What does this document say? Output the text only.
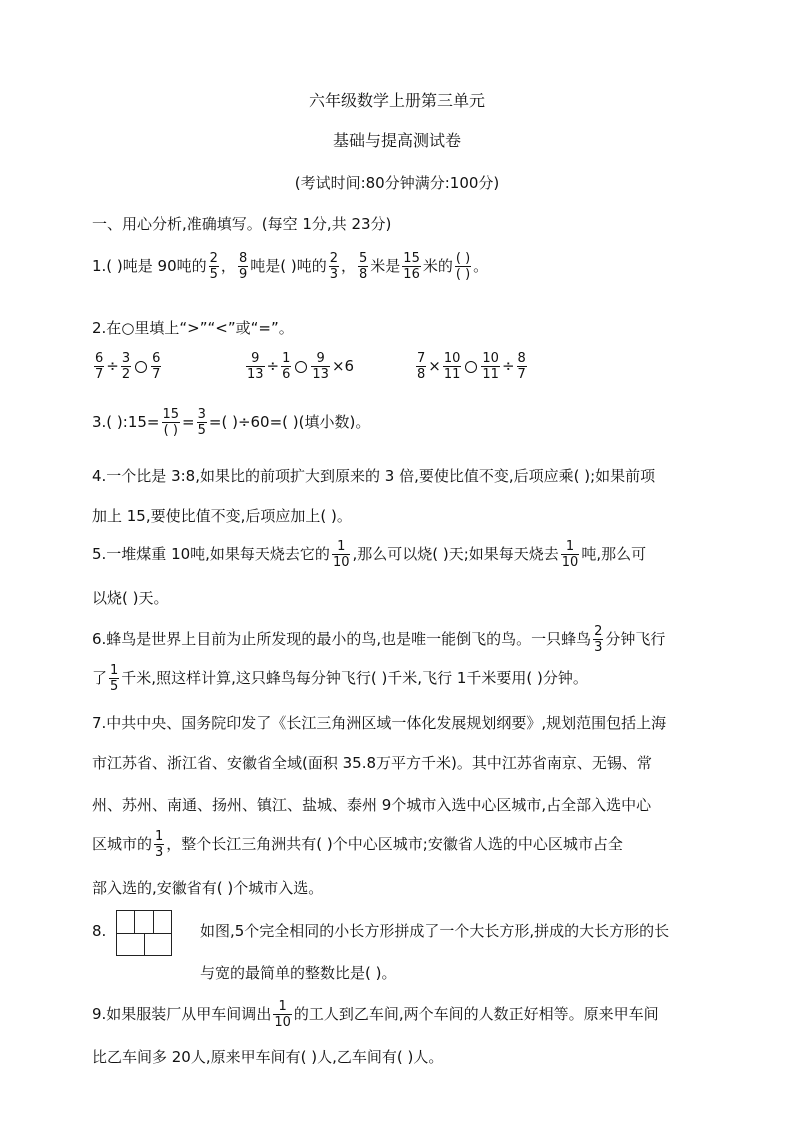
六年级数学上册第三单元
基础与提高测试卷
(考试时间:80分钟满分:100分)
一、用心分析,准确填写。(每空 1分,共 23分)
1.( )吨是 90吨的 $\frac{2}{5}$ ， $\frac{8}{9}$ 吨是( )吨的 $\frac{2}{3}$ ， $\frac{5}{8}$ 米是 $\frac{15}{16}$ 米的 $\frac{( )}{( )}$ 。
2.在○里填上“>”“<”或“=”。
$\frac{6}{7} \div \frac{3}{2} \frac{6}{7}$	$\frac{9}{13} \div \frac{1}{6} \frac{9}{13} \times 6$	$\frac{7}{8} \times \frac{10}{11} \frac{10}{11} \div \frac{8}{7}$
3.( ):15= $\frac{15}{( )} = \frac{3}{5}$ =( )÷60=( )(填小数)。
4.一个比是 3:8,如果比的前项扩大到原来的 3 倍,要使比值不变,后项应乘( );如果前项
加上 15,要使比值不变,后项应加上( )。
5.一堆煤重 10吨,如果每天烧去它的 $\frac{1}{10}$ ,那么可以烧( )天;如果每天烧去 $\frac{1}{10}$ 吨,那么可
以烧( )天。
6.蜂鸟是世界上目前为止所发现的最小的鸟,也是唯一能倒飞的鸟。一只蜂鸟 $\frac{2}{3}$ 分钟飞行
了 $\frac{1}{5}$ 千米,照这样计算,这只蜂鸟每分钟飞行( )千米,飞行 1千米要用( )分钟。
7.中共中央、国务院印发了《长江三角洲区域一体化发展规划纲要》,规划范围包括上海
市江苏省、浙江省、安徽省全域(面积 35.8万平方千米)。其中江苏省南京、无锡、常
州、苏州、南通、扬州、镇江、盐城、泰州 9个城市入选中心区城市,占全部入选中心
区城市的 $\frac{1}{3}$ ，整个长江三角洲共有( )个中心区城市;安徽省人选的中心区城市占全
部入选的,安徽省有( )个城市入选。
8.	如图,5个完全相同的小长方形拼成了一个大长方形,拼成的大长方形的长
与宽的最简单的整数比是( )。
9.如果服装厂从甲车间调出 $\frac{1}{10}$ 的工人到乙车间,两个车间的人数正好相等。原来甲车间
比乙车间多 20人,原来甲车间有( )人,乙车间有( )人。
